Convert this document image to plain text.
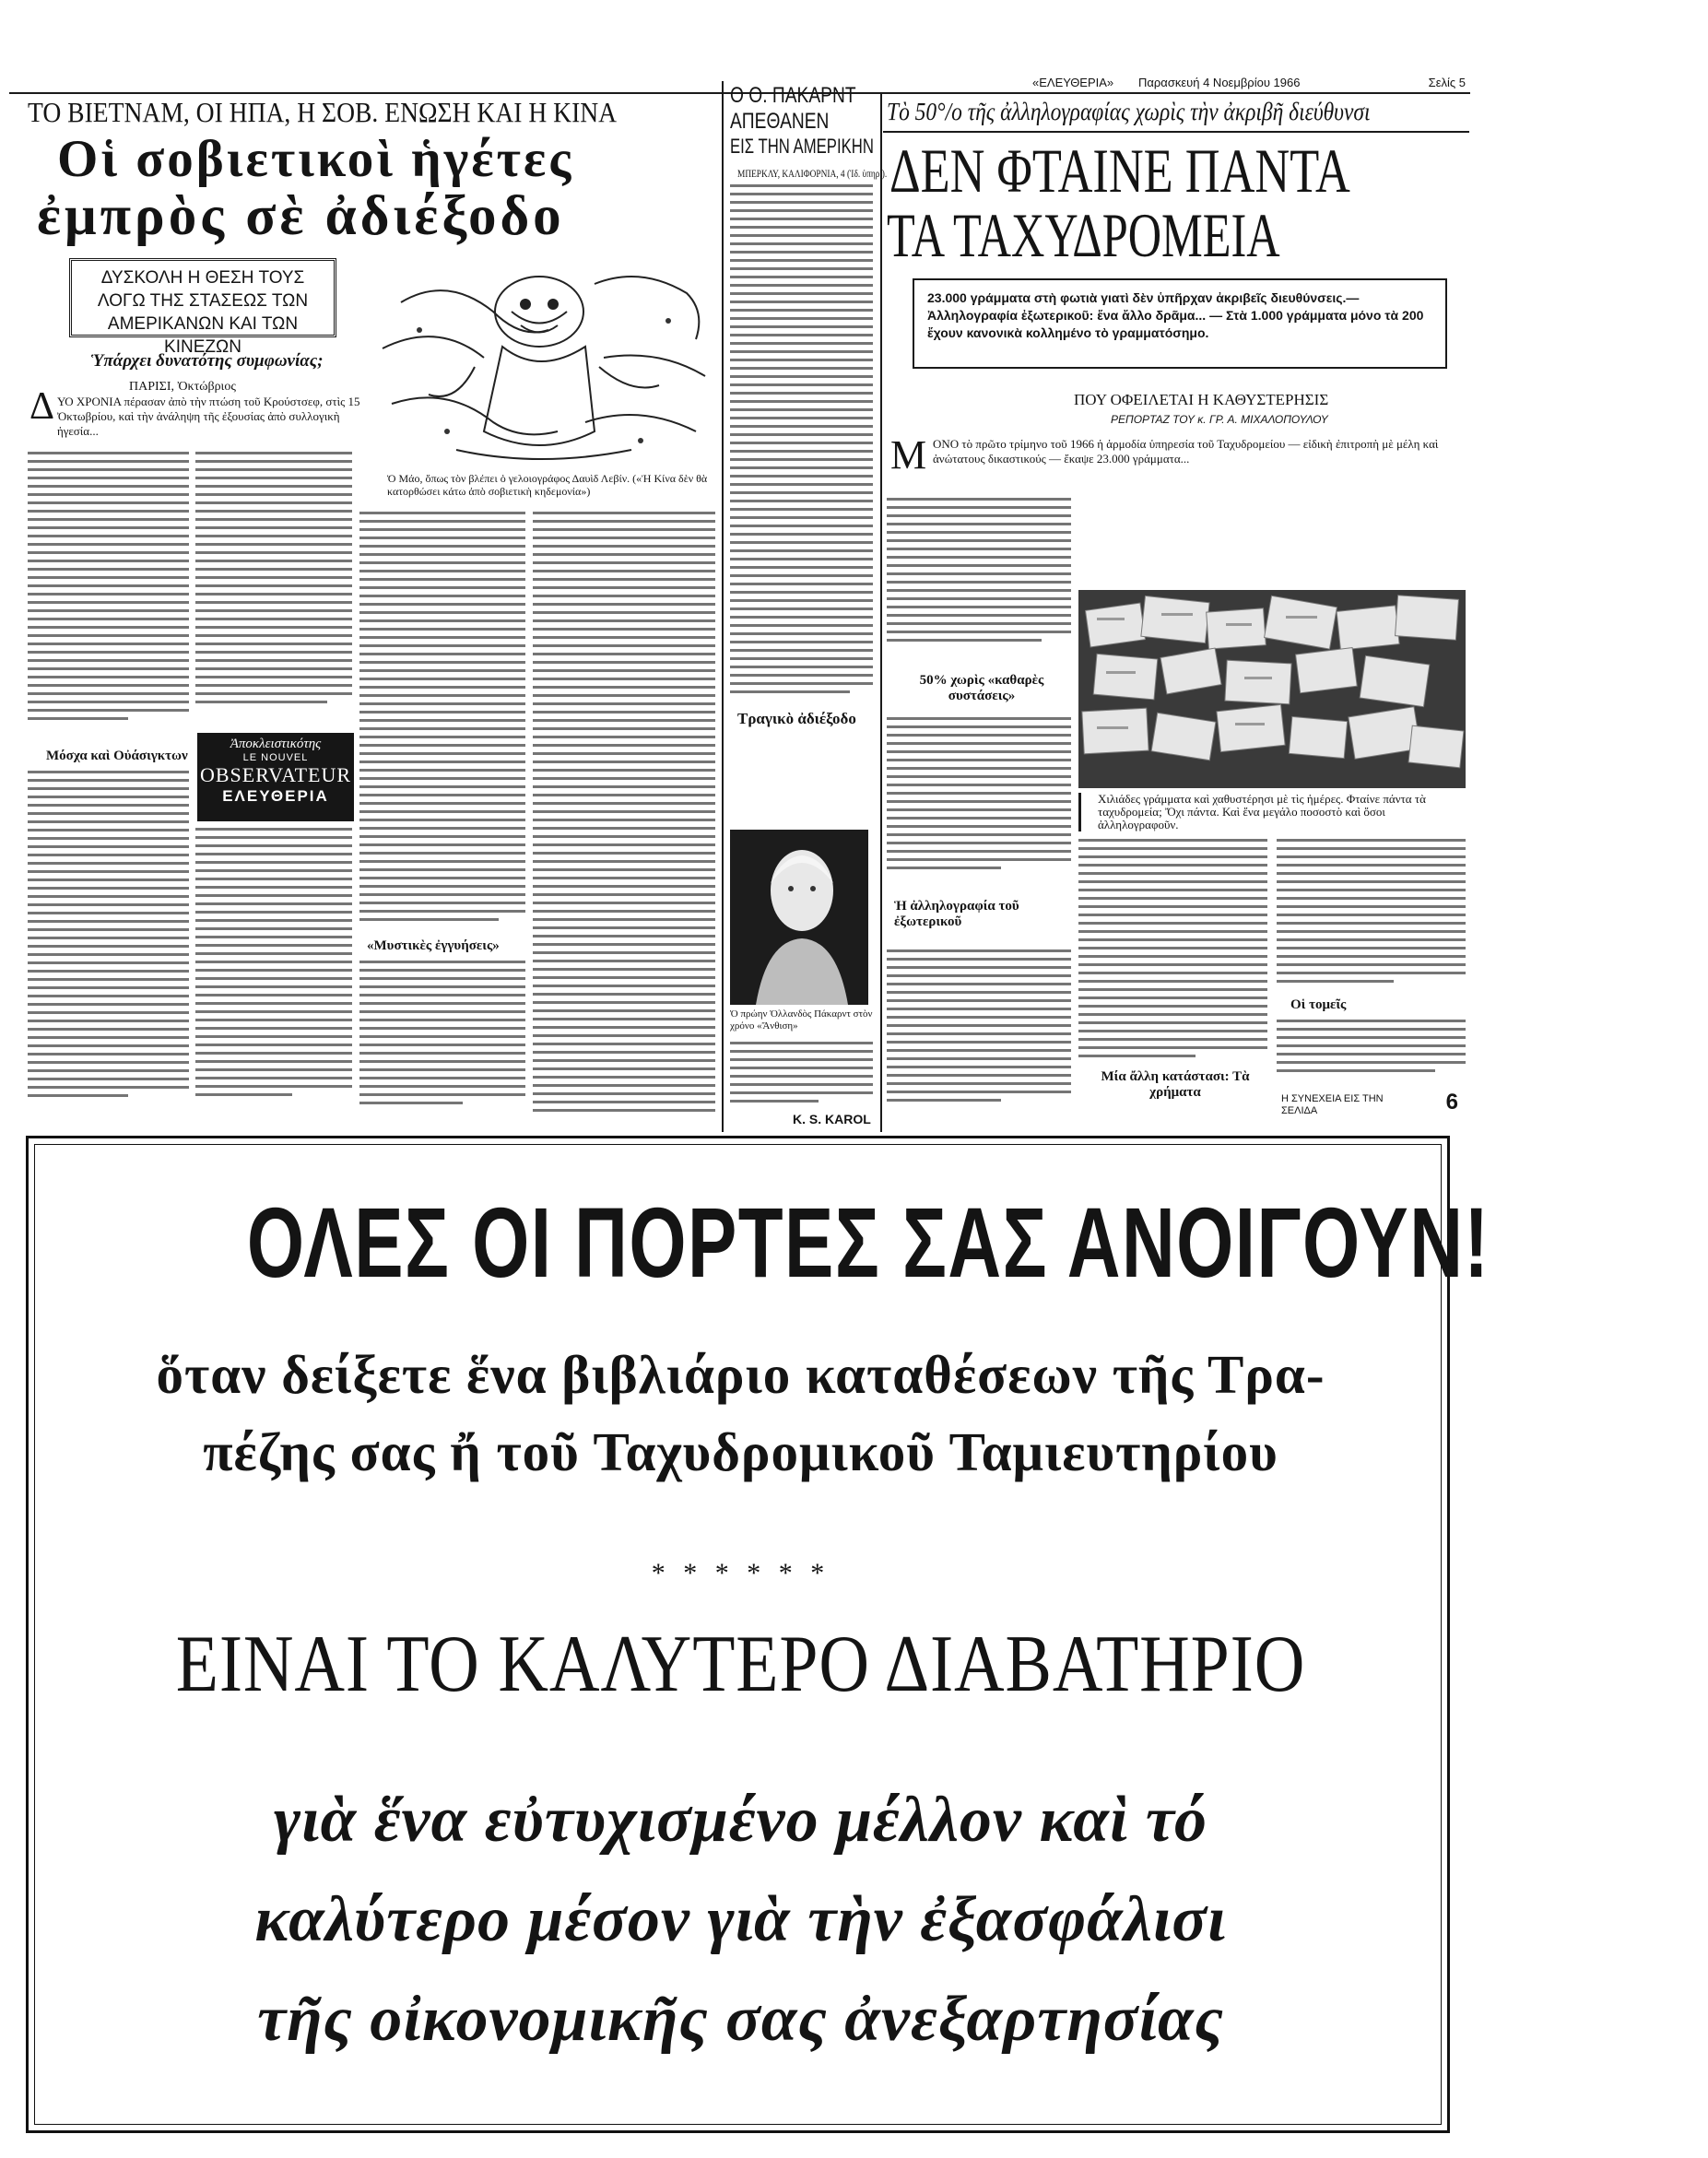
«ΕΛΕΥΘΕΡΙΑ» Παρασκευή 4 Νοεμβρίου 1966	Σελίς 5
ΤΟ ΒΙΕΤΝΑΜ, ΟΙ ΗΠΑ, Η ΣΟΒ. ΕΝΩΣΗ ΚΑΙ Η ΚΙΝΑ
Οἱ σοβιετικοὶ ἡγέτες
ἐμπρὸς σὲ ἀδιέξοδο
ΔΥΣΚΟΛΗ Η ΘΕΣΗ ΤΟΥΣ ΛΟΓΩ ΤΗΣ ΣΤΑΣΕΩΣ ΤΩΝ ΑΜΕΡΙΚΑΝΩΝ ΚΑΙ ΤΩΝ ΚΙΝΕΖΩΝ
Ὑπάρχει δυνατότης συμφωνίας;
ΠΑΡΙΣΙ, Ὀκτώβριος
Δ ΥΟ ΧΡΟΝΙΑ πέρασαν ἀπὸ τὴν πτώση τοῦ Κρούστσεφ, στὶς 15 Ὀκτωβρίου, καὶ τὴν ἀνάληψη τῆς ἐξουσίας ἀπὸ συλλογικὴ ἡγεσία...
Ὁ Μάο, ὅπως τὸν βλέπει ὁ γελοιογράφος Δαυὶδ Λεβίν. («Ἡ Κίνα δὲν θὰ κατορθώσει κάτω ἀπὸ σοβιετικὴ κηδεμονία»)
Μόσχα καὶ Οὐάσιγκτων
Ἀποκλειστικότης
LE NOUVEL
OBSERVATEUR
ΕΛΕΥΘΕΡΙΑ
«Μυστικὲς ἐγγυήσεις»
Ο Ο. ΠΑΚΑΡΝΤ
ΑΠΕΘΑΝΕΝ
ΕΙΣ ΤΗΝ ΑΜΕΡΙΚΗΝ
ΜΠΕΡΚΛΥ, ΚΑΛΙΦΟΡΝΙΑ, 4 (Ἰδ. ὑπηρ.).
Τραγικὸ ἀδιέξοδο
Ὁ πρώην Ὀλλανδὸς Πάκαρντ στὸν χρόνο «Ἄνθιση»
K. S. KAROL
Τὸ 50°/ο τῆς ἀλληλογραφίας χωρὶς τὴν ἀκριβῆ διεύθυνσι
ΔΕΝ ΦΤΑΙΝΕ ΠΑΝΤΑ
ΤΑ ΤΑΧΥΔΡΟΜΕΙΑ
23.000 γράμματα στὴ φωτιὰ γιατὶ δὲν ὑπῆρχαν ἀκριβεῖς διευθύνσεις.—Ἀλληλογραφία ἐξωτερικοῦ: ἕνα ἄλλο δρᾶμα... — Στὰ 1.000 γράμματα μόνο τὰ 200 ἔχουν κανονικὰ κολλημένο τὸ γραμματόσημο.
ΠΟΥ ΟΦΕΙΛΕΤΑΙ Η ΚΑΘΥΣΤΕΡΗΣΙΣ
ΡΕΠΟΡΤΑΖ ΤΟΥ κ. ΓΡ. Α. ΜΙΧΑΛΟΠΟΥΛΟΥ
Μ ΟΝΟ τὸ πρῶτο τρίμηνο τοῦ 1966 ἡ ἁρμοδία ὑπηρεσία τοῦ Ταχυδρομείου — εἰδικὴ ἐπιτροπὴ μὲ μέλη καὶ ἀνώτατους δικαστικούς — ἔκαψε 23.000 γράμματα...
50% χωρὶς «καθαρὲς συστάσεις»
Ἡ ἀλληλογραφία τοῦ ἐξωτερικοῦ
Χιλιάδες γράμματα καὶ χαθυστέρησι μὲ τὶς ἡμέρες. Φταίνε πάντα τὰ ταχυδρομεία; Ὄχι πάντα. Καὶ ἕνα μεγάλο ποσοστὸ καὶ ὅσοι ἀλληλογραφοῦν.
Μία ἄλλη κατάστασι: Τὰ χρήματα
Οἱ τομεῖς
Η ΣΥΝΕΧΕΙΑ ΕΙΣ ΤΗΝ ΣΕΛΙΔΑ	6
ΟΛΕΣ ΟΙ ΠΟΡΤΕΣ ΣΑΣ ΑΝΟΙΓΟΥΝ!
ὅταν δείξετε ἕνα βιβλιάριο καταθέσεων τῆς Τρα-
πέζης σας ἤ τοῦ Ταχυδρομικοῦ Ταμιευτηρίου
* * * * * *
ΕΙΝΑΙ ΤΟ ΚΑΛΥΤΕΡΟ ΔΙΑΒΑΤΗΡΙΟ
γιὰ ἕνα εὐτυχισμένο μέλλον καὶ τό
καλύτερο μέσον γιὰ τὴν ἐξασφάλισι
τῆς οἰκονομικῆς σας ἀνεξαρτησίας
